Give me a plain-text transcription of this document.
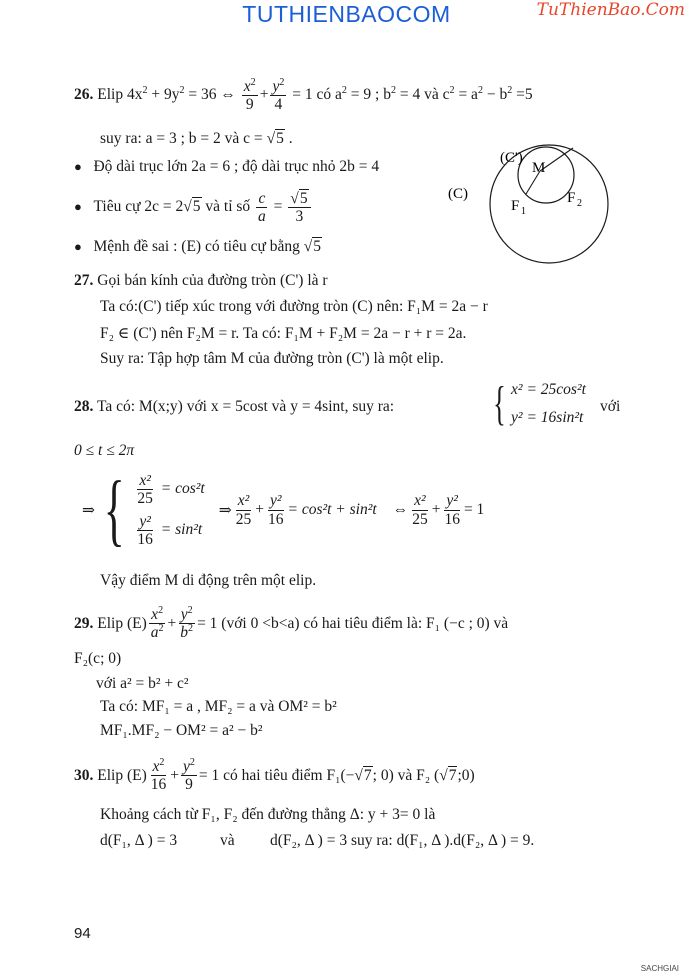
TUTHIENBAOCOM	TuThienBao.Com
26. Elip $4x^2 + 9y^2 = 36$ ⇔ $\frac{x^2}{9} + \frac{y^2}{4} = 1$ có $a^2 = 9$ ; $b^2 = 4$ và $c^2 = a^2 - b^2 =5$
suy ra: a = 3 ; b = 2 và c = √5 .
● Độ dài trục lớn 2a = 6 ; độ dài trục nhỏ 2b = 4
● Tiêu cự 2c = 2√5 và tỉ số $\frac{c}{a} = \frac{√5}{3}$
● Mệnh đề sai : (E) có tiêu cự bằng √5
(C)
(C')
M
F 1
F 2
27. Gọi bán kính của đường tròn (C') là r
Ta có:(C') tiếp xúc trong với đường tròn (C) nên: F₁M = 2a − r
F₂ ∈ (C') nên F₂M = r. Ta có: F₁M + F₂M = 2a − r + r = 2a.
Suy ra: Tập hợp tâm M của đường tròn (C') là một elip.
28. Ta có: M(x;y) với x = 5cost và y = 4sint, suy ra: { x² = 25cos²t
y² = 16sin²t
với
0 ≤ t ≤ 2π
⇒ { $\frac{\text{x²}}{25} = \cos^2t$
$\frac{\text{y²}}{16} = \sin^2t$
⇒ $\frac{\text{x²}}{25} + \frac{\text{y²}}{16} = \cos^2t + \sin^2t$ ⇔ $\frac{\text{x²}}{25} + \frac{\text{y²}}{16} = 1$
Vậy điểm M di động trên một elip.
29.
Elip $(E) \frac{x^2}{a^2} + \frac{y^2}{b^2} = 1$ (với 0 <b<a) có hai tiêu điểm là: F₁ (−c ; 0) và
F₂(c; 0)
với a² = b² + c²
Ta có: MF₁ = a , MF₂ = a và OM² = b²
MF₁.MF₂ − OM² = a² − b²
30.
Elip $(E) \frac{x^2}{16} + \frac{y^2}{9} = 1$ có hai tiêu điểm F₁(− √7 ; 0) và F₂ ( √7 ;0)
Khoảng cách từ F₁, F₂ đến đường thẳng Δ: y + 3= 0 là
d(F₁, Δ ) = 3	và d(F₂, Δ ) = 3 suy ra: d(F₁, Δ ).d(F₂, Δ ) = 9.
94
SACHGIAI
